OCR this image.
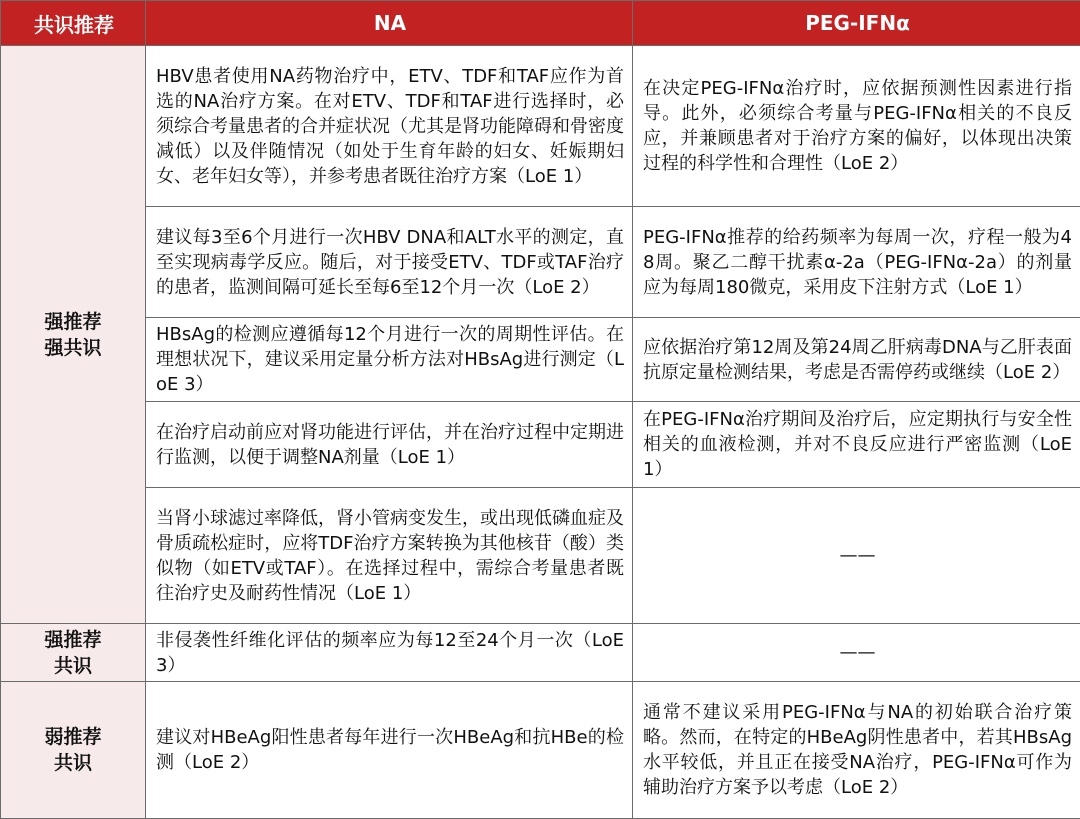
共识推荐	NA	PEG-IFNα

强推荐
强共识	HBV患者使用NA药物治疗中，ETV、TDF和TAF应作为首选的NA治疗方案。在对ETV、TDF和TAF进行选择时，必须综合考量患者的合并症状况（尤其是肾功能障碍和骨密度减低）以及伴随情况（如处于生育年龄的妇女、妊娠期妇女、老年妇女等），并参考患者既往治疗方案（LoE 1）	在决定PEG-IFNα治疗时，应依据预测性因素进行指导。此外，必须综合考量与PEG-IFNα相关的不良反应，并兼顾患者对于治疗方案的偏好，以体现出决策过程的科学性和合理性（LoE 2）
	建议每3至6个月进行一次HBV DNA和ALT水平的测定，直至实现病毒学反应。随后，对于接受ETV、TDF或TAF治疗的患者，监测间隔可延长至每6至12个月一次（LoE 2）	PEG-IFNα推荐的给药频率为每周一次，疗程一般为48周。聚乙二醇干扰素α-2a（PEG-IFNα-2a）的剂量应为每周180微克，采用皮下注射方式（LoE 1）
	HBsAg的检测应遵循每12个月进行一次的周期性评估。在理想状况下，建议采用定量分析方法对HBsAg进行测定（LoE 3）	应依据治疗第12周及第24周乙肝病毒DNA与乙肝表面抗原定量检测结果，考虑是否需停药或继续（LoE 2）
	在治疗启动前应对肾功能进行评估，并在治疗过程中定期进行监测，以便于调整NA剂量（LoE 1）	在PEG-IFNα治疗期间及治疗后，应定期执行与安全性相关的血液检测，并对不良反应进行严密监测（LoE 1）
	当肾小球滤过率降低，肾小管病变发生，或出现低磷血症及骨质疏松症时，应将TDF治疗方案转换为其他核苷（酸）类似物（如ETV或TAF）。在选择过程中，需综合考量患者既往治疗史及耐药性情况（LoE 1）	——

强推荐
共识	非侵袭性纤维化评估的频率应为每12至24个月一次（LoE 3）	——

弱推荐
共识	建议对HBeAg阳性患者每年进行一次HBeAg和抗HBe的检测（LoE 2）	通常不建议采用PEG-IFNα与NA的初始联合治疗策略。然而，在特定的HBeAg阴性患者中，若其HBsAg水平较低，并且正在接受NA治疗，PEG-IFNα可作为辅助治疗方案予以考虑（LoE 2）
